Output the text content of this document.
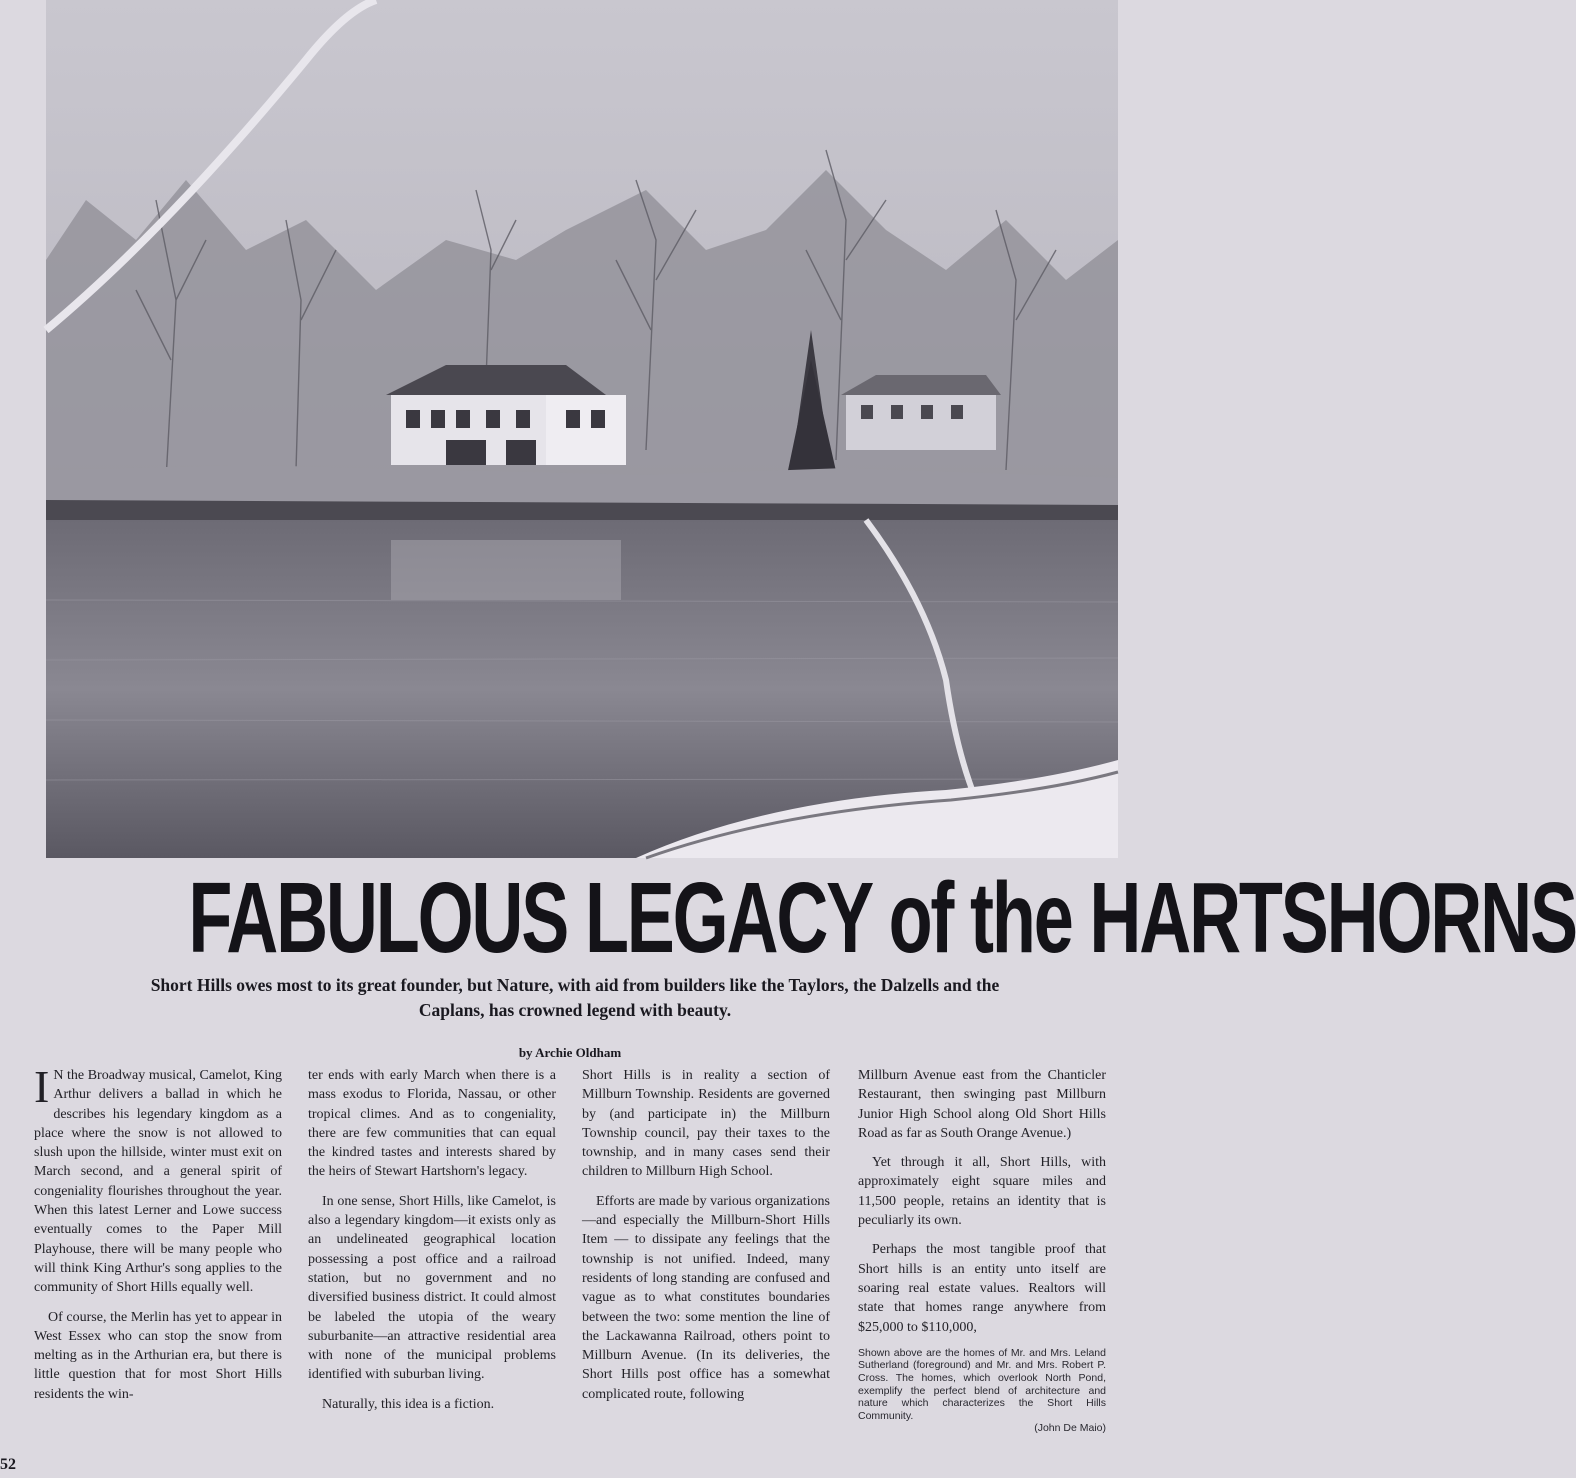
FABULOUS LEGACY of the HARTSHORNS
Short Hills owes most to its great founder, but Nature, with aid from builders like the Taylors, the Dalzells and the Caplans, has crowned legend with beauty.
by Archie Oldham

I N the Broadway musical, Camelot, King Arthur delivers a ballad in which he describes his legendary kingdom as a place where the snow is not allowed to slush upon the hillside, winter must exit on March second, and a general spirit of congeniality flourishes throughout the year. When this latest Lerner and Lowe success eventually comes to the Paper Mill Playhouse, there will be many people who will think King Arthur's song applies to the community of Short Hills equally well.

Of course, the Merlin has yet to appear in West Essex who can stop the snow from melting as in the Arthurian era, but there is little question that for most Short Hills residents the win-

ter ends with early March when there is a mass exodus to Florida, Nassau, or other tropical climes. And as to congeniality, there are few communities that can equal the kindred tastes and interests shared by the heirs of Stewart Hartshorn's legacy.

In one sense, Short Hills, like Camelot, is also a legendary kingdom—it exists only as an undelineated geographical location possessing a post office and a railroad station, but no government and no diversified business district. It could almost be labeled the utopia of the weary suburbanite—an attractive residential area with none of the municipal problems identified with suburban living.

Naturally, this idea is a fiction.

Short Hills is in reality a section of Millburn Township. Residents are governed by (and participate in) the Millburn Township council, pay their taxes to the township, and in many cases send their children to Millburn High School.

Efforts are made by various organizations—and especially the Millburn-Short Hills Item — to dissipate any feelings that the township is not unified. Indeed, many residents of long standing are confused and vague as to what constitutes boundaries between the two: some mention the line of the Lackawanna Railroad, others point to Millburn Avenue. (In its deliveries, the Short Hills post office has a somewhat complicated route, following

Millburn Avenue east from the Chanticler Restaurant, then swinging past Millburn Junior High School along Old Short Hills Road as far as South Orange Avenue.)

Yet through it all, Short Hills, with approximately eight square miles and 11,500 people, retains an identity that is peculiarly its own.

Perhaps the most tangible proof that Short hills is an entity unto itself are soaring real estate values. Realtors will state that homes range anywhere from $25,000 to $110,000,

Shown above are the homes of Mr. and Mrs. Leland Sutherland (foreground) and Mr. and Mrs. Robert P. Cross. The homes, which overlook North Pond, exemplify the perfect blend of architecture and nature which characterizes the Short Hills Community.
(John De Maio)
52
